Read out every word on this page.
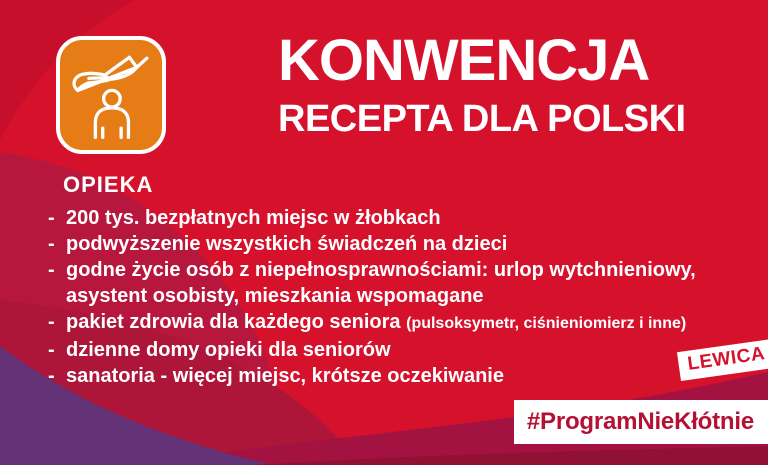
OPIEKA
KONWENCJA
RECEPTA DLA POLSKI
- 200 tys. bezpłatnych miejsc w żłobkach
- podwyższenie wszystkich świadczeń na dzieci
- godne życie osób z niepełnosprawnościami: urlop wytchnieniowy, asystent osobisty, mieszkania wspomagane
- pakiet zdrowia dla każdego seniora (pulsoksymetr, ciśnieniomierz i inne)
- dzienne domy opieki dla seniorów
- sanatoria - więcej miejsc, krótsze oczekiwanie
LEWICA
#ProgramNieKłótnie
